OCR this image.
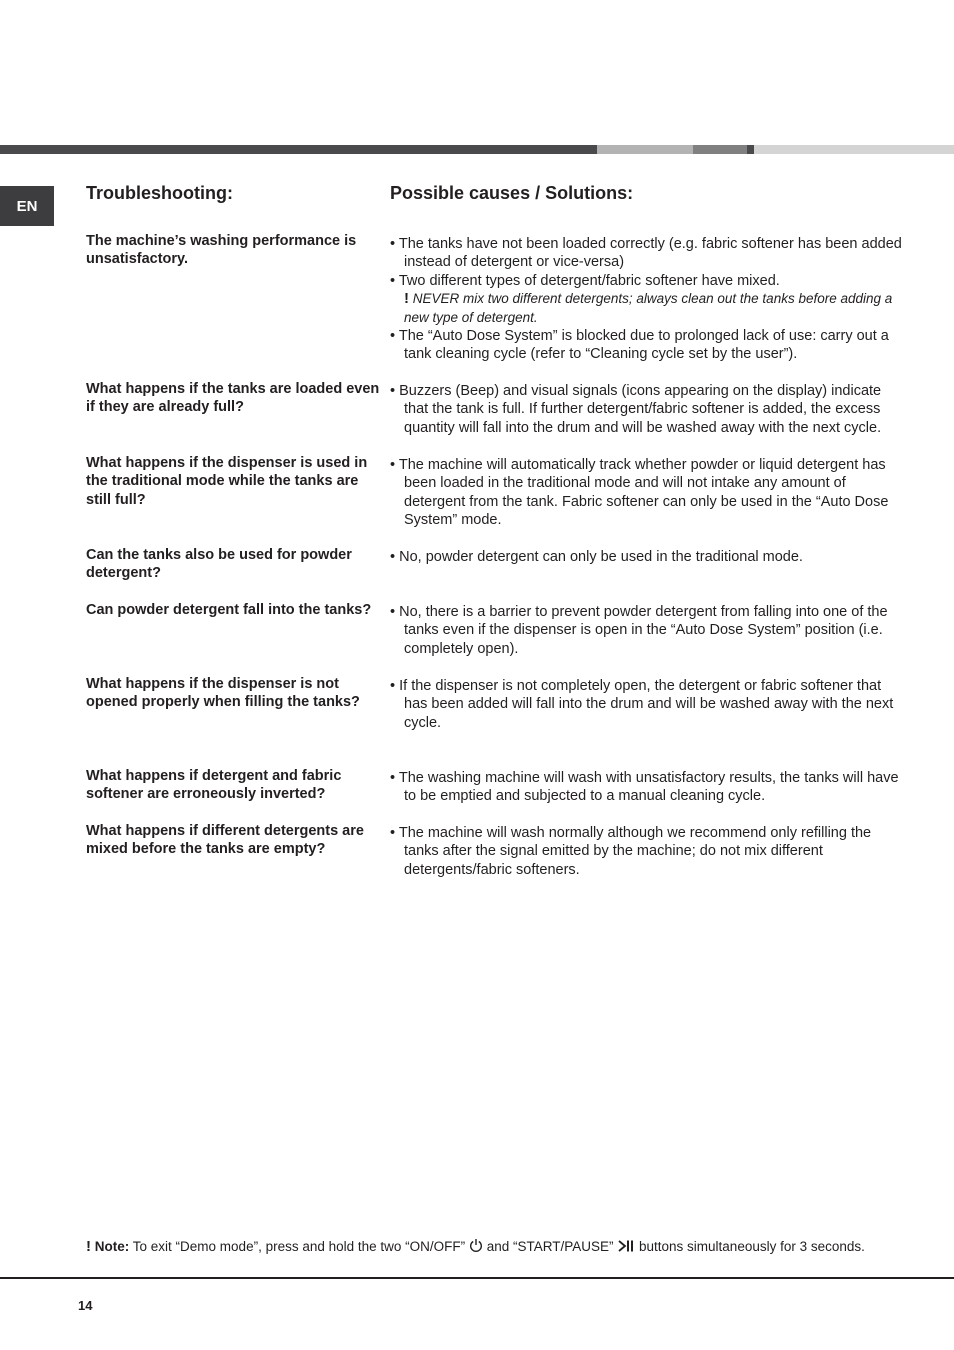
EN
Troubleshooting:	Possible causes / Solutions:
The machine’s washing performance is unsatisfactory.

• The tanks have not been loaded correctly (e.g. fabric softener has been added instead of detergent or vice-versa)

• Two different types of detergent/fabric softener have mixed.

! NEVER mix two different detergents; always clean out the tanks before adding a new type of detergent.

• The “Auto Dose System” is blocked due to prolonged lack of use: carry out a tank cleaning cycle (refer to “Cleaning cycle set by the user”).

What happens if the tanks are loaded even if they are already full?

• Buzzers (Beep) and visual signals (icons appearing on the display) indicate that the tank is full. If further detergent/fabric softener is added, the excess quantity will fall into the drum and will be washed away with the next cycle.

What happens if the dispenser is used in the traditional mode while the tanks are still full?

• The machine will automatically track whether powder or liquid detergent has been loaded in the traditional mode and will not intake any amount of detergent from the tank. Fabric softener can only be used in the “Auto Dose System” mode.

Can the tanks also be used for powder detergent?

• No, powder detergent can only be used in the traditional mode.

Can powder detergent fall into the tanks?	• No, there is a barrier to prevent powder detergent from falling into one of the tanks even if the dispenser is open in the “Auto Dose System” position (i.e. completely open).

What happens if the dispenser is not opened properly when filling the tanks?

• If the dispenser is not completely open, the detergent or fabric softener that has been added will fall into the drum and will be washed away with the next cycle.

What happens if detergent and fabric softener are erroneously inverted?

• The washing machine will wash with unsatisfactory results, the tanks will have to be emptied and subjected to a manual cleaning cycle.

What happens if different detergents are mixed before the tanks are empty?

• The machine will wash normally although we recommend only refilling the tanks after the signal emitted by the machine; do not mix different detergents/fabric softeners.

! Note: To exit “Demo mode”, press and hold the two “ON/OFF” and “START/PAUSE” buttons simultaneously for 3 seconds.
14
